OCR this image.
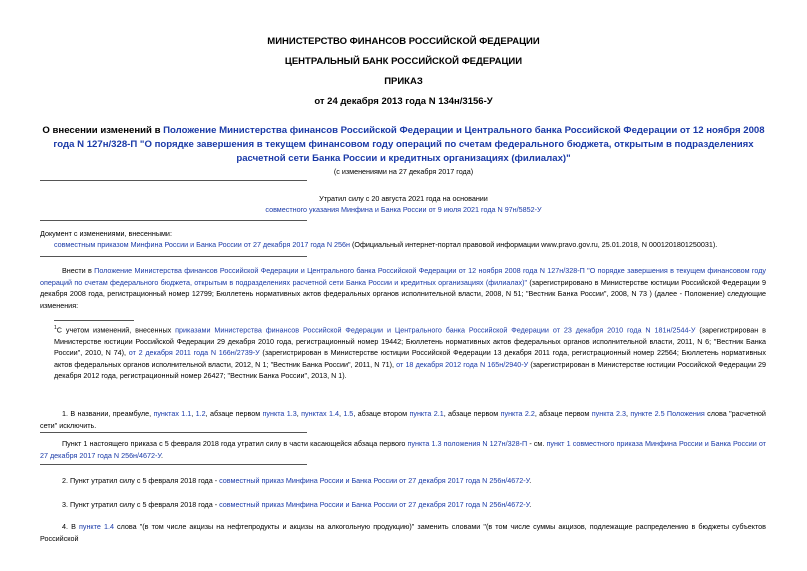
МИНИСТЕРСТВО ФИНАНСОВ РОССИЙСКОЙ ФЕДЕРАЦИИ
ЦЕНТРАЛЬНЫЙ БАНК РОССИЙСКОЙ ФЕДЕРАЦИИ
ПРИКАЗ
от 24 декабря 2013 года N 134н/3156-У
О внесении изменений в Положение Министерства финансов Российской Федерации и Центрального банка Российской Федерации от 12 ноября 2008 года N 127н/328-П "О порядке завершения в текущем финансовом году операций по счетам федерального бюджета, открытым в подразделениях расчетной сети Банка России и кредитных организациях (филиалах)"
(с изменениями на 27 декабря 2017 года)
Утратил силу с 20 августа 2021 года на основании
совместного указания Минфина и Банка России от 9 июля 2021 года N 97н/5852-У
Документ с изменениями, внесенными:
совместным приказом Минфина России и Банка России от 27 декабря 2017 года N 256н (Официальный интернет-портал правовой информации www.pravo.gov.ru, 25.01.2018, N 0001201801250031).
Внести в Положение Министерства финансов Российской Федерации и Центрального банка Российской Федерации от 12 ноября 2008 года N 127н/328-П "О порядке завершения в текущем финансовом году операций по счетам федерального бюджета, открытым в подразделениях расчетной сети Банка России и кредитных организациях (филиалах)" (зарегистрировано в Министерстве юстиции Российской Федерации 9 декабря 2008 года, регистрационный номер 12799; Бюллетень нормативных актов федеральных органов исполнительной власти, 2008, N 51; "Вестник Банка России", 2008, N 73 ) (далее - Положение) следующие изменения:
$^1$С учетом изменений, внесенных приказами Министерства финансов Российской Федерации и Центрального банка Российской Федерации от 23 декабря 2010 года N 181н/2544-У (зарегистрирован в Министерстве юстиции Российской Федерации 29 декабря 2010 года, регистрационный номер 19442; Бюллетень нормативных актов федеральных органов исполнительной власти, 2011, N 6; "Вестник Банка России", 2010, N 74), от 2 декабря 2011 года N 166н/2739-У (зарегистрирован в Министерстве юстиции Российской Федерации 13 декабря 2011 года, регистрационный номер 22564; Бюллетень нормативных актов федеральных органов исполнительной власти, 2012, N 1; "Вестник Банка России", 2011, N 71), от 18 декабря 2012 года N 165н/2940-У (зарегистрирован в Министерстве юстиции Российской Федерации 29 декабря 2012 года, регистрационный номер 26427; "Вестник Банка России", 2013, N 1).
1. В названии, преамбуле, пунктах 1.1, 1.2, абзаце первом пункта 1.3, пунктах 1.4, 1.5, абзаце втором пункта 2.1, абзаце первом пункта 2.2, абзаце первом пункта 2.3, пункте 2.5 Положения слова "расчетной сети" исключить.
Пункт 1 настоящего приказа с 5 февраля 2018 года утратил силу в части касающейся абзаца первого пункта 1.3 положения N 127н/328-П - см. пункт 1 совместного приказа Минфина России и Банка России от 27 декабря 2017 года N 256н/4672-У.
2. Пункт утратил силу с 5 февраля 2018 года - совместный приказ Минфина России и Банка России от 27 декабря 2017 года N 256н/4672-У.
3. Пункт утратил силу с 5 февраля 2018 года - совместный приказ Минфина России и Банка России от 27 декабря 2017 года N 256н/4672-У.
4. В пункте 1.4 слова "(в том числе акцизы на нефтепродукты и акцизы на алкогольную продукцию)" заменить словами "(в том числе суммы акцизов, подлежащие распределению в бюджеты субъектов Российской
